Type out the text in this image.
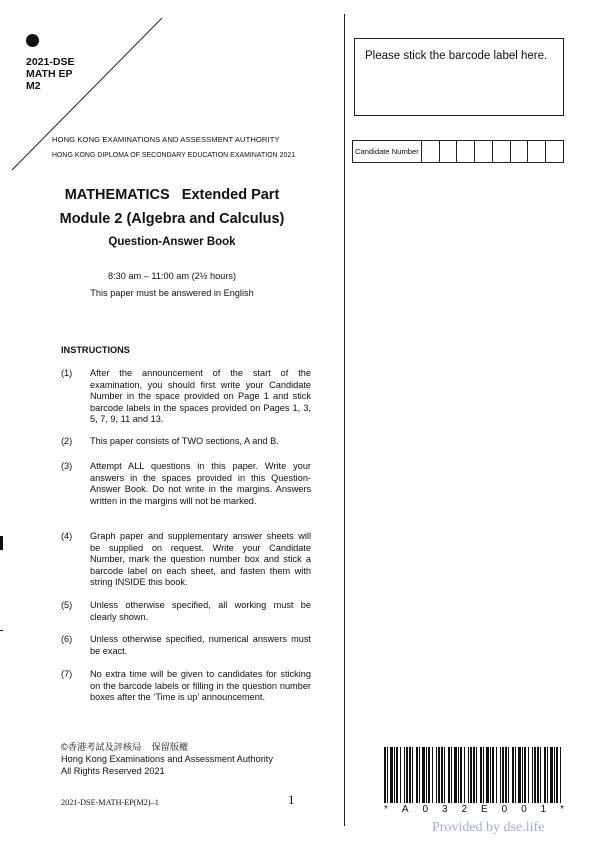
2021-DSE
MATH EP
M2
HONG KONG EXAMINATIONS AND ASSESSMENT AUTHORITY
HONG KONG DIPLOMA OF SECONDARY EDUCATION EXAMINATION 2021
Please stick the barcode label here.
Candidate Number
MATHEMATICS   Extended Part
Module 2 (Algebra and Calculus)
Question-Answer Book
8:30 am – 11:00 am (2½ hours)
This paper must be answered in English
INSTRUCTIONS
(1) After the announcement of the start of the examination, you should first write your Candidate Number in the space provided on Page 1 and stick barcode labels in the spaces provided on Pages 1, 3, 5, 7, 9, 11 and 13.
(2) This paper consists of TWO sections, A and B.
(3) Attempt ALL questions in this paper. Write your answers in the spaces provided in this Question-Answer Book. Do not write in the margins. Answers written in the margins will not be marked.
(4) Graph paper and supplementary answer sheets will be supplied on request. Write your Candidate Number, mark the question number box and stick a barcode label on each sheet, and fasten them with string INSIDE this book.
(5) Unless otherwise specified, all working must be clearly shown.
(6) Unless otherwise specified, numerical answers must be exact.
(7) No extra time will be given to candidates for sticking on the barcode labels or filling in the question number boxes after the ‘Time is up’ announcement.
©香港考試及評核局    保留版權
Hong Kong Examinations and Assessment Authority
All Rights Reserved 2021
2021-DSE-MATH-EP(M2)–1	1
* A 0 3 2 E 0 0 1 *
Provided by dse.life
